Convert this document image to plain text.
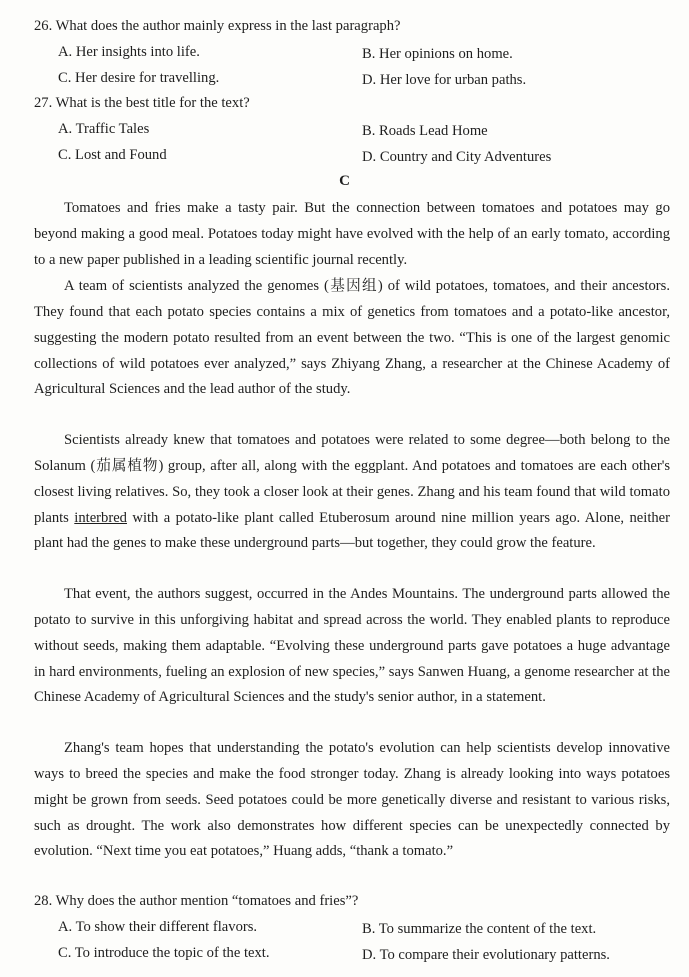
26. What does the author mainly express in the last paragraph?
A. Her insights into life.	B. Her opinions on home.
C. Her desire for travelling.	D. Her love for urban paths.
27. What is the best title for the text?
A. Traffic Tales	B. Roads Lead Home
C. Lost and Found	D. Country and City Adventures
C

Tomatoes and fries make a tasty pair. But the connection between tomatoes and potatoes may go beyond making a good meal. Potatoes today might have evolved with the help of an early tomato, according to a new paper published in a leading scientific journal recently.

A team of scientists analyzed the genomes (基因组) of wild potatoes, tomatoes, and their ancestors. They found that each potato species contains a mix of genetics from tomatoes and a potato-like ancestor, suggesting the modern potato resulted from an event between the two. “This is one of the largest genomic collections of wild potatoes ever analyzed,” says Zhiyang Zhang, a researcher at the Chinese Academy of Agricultural Sciences and the lead author of the study.

Scientists already knew that tomatoes and potatoes were related to some degree—both belong to the Solanum (茄属植物) group, after all, along with the eggplant. And potatoes and tomatoes are each other's closest living relatives. So, they took a closer look at their genes. Zhang and his team found that wild tomato plants interbred with a potato-like plant called Etuberosum around nine million years ago. Alone, neither plant had the genes to make these underground parts—but together, they could grow the feature.

That event, the authors suggest, occurred in the Andes Mountains. The underground parts allowed the potato to survive in this unforgiving habitat and spread across the world. They enabled plants to reproduce without seeds, making them adaptable. “Evolving these underground parts gave potatoes a huge advantage in hard environments, fueling an explosion of new species,” says Sanwen Huang, a genome researcher at the Chinese Academy of Agricultural Sciences and the study's senior author, in a statement.

Zhang's team hopes that understanding the potato's evolution can help scientists develop innovative ways to breed the species and make the food stronger today. Zhang is already looking into ways potatoes might be grown from seeds. Seed potatoes could be more genetically diverse and resistant to various risks, such as drought. The work also demonstrates how different species can be unexpectedly connected by evolution. “Next time you eat potatoes,” Huang adds, “thank a tomato.”

28. Why does the author mention “tomatoes and fries”?
A. To show their different flavors.	B. To summarize the content of the text.
C. To introduce the topic of the text.	D. To compare their evolutionary patterns.
